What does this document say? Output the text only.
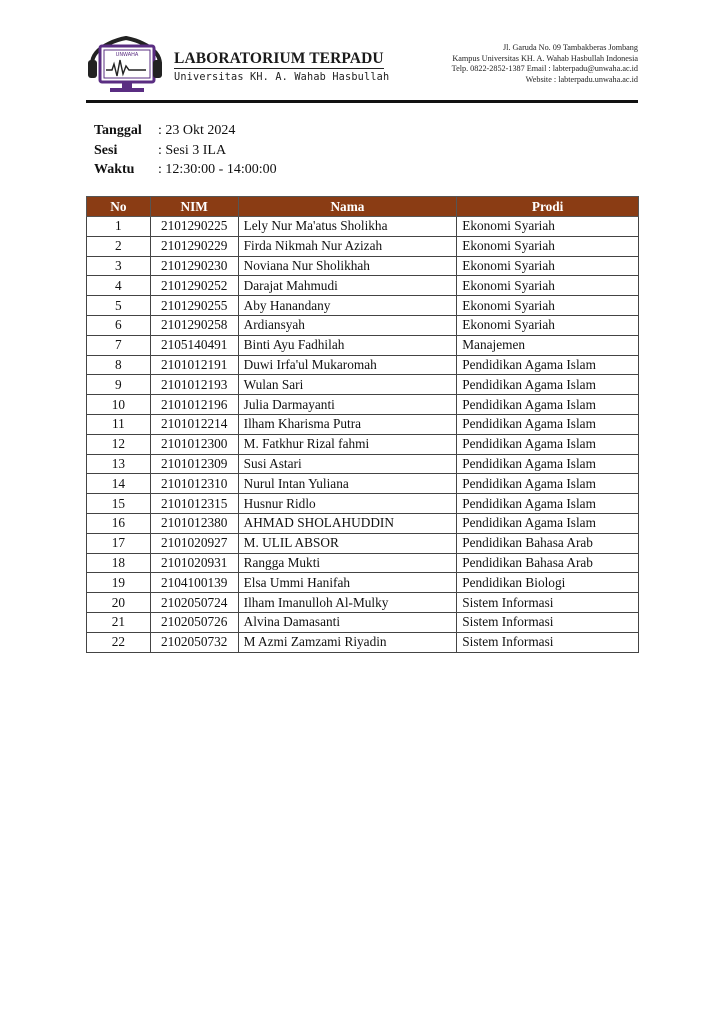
UNWAHA LABORATORIUM TERPADU
Universitas KH. A. Wahab Hasbullah
Jl. Garuda No. 09 Tambakberas Jombang
Kampus Universitas KH. A. Wahab Hasbullah Indonesia
Telp. 0822-2852-1387 Email : labterpadu@unwaha.ac.id
Website : labterpadu.unwaha.ac.id
Tanggal	: 23 Okt 2024
Sesi	: Sesi 3 ILA
Waktu	: 12:30:00 - 14:00:00
No	NIM	Nama	Prodi
1	2101290225	Lely Nur Ma'atus Sholikha	Ekonomi Syariah
2	2101290229	Firda Nikmah Nur Azizah	Ekonomi Syariah
3	2101290230	Noviana Nur Sholikhah	Ekonomi Syariah
4	2101290252	Darajat Mahmudi	Ekonomi Syariah
5	2101290255	Aby Hanandany	Ekonomi Syariah
6	2101290258	Ardiansyah	Ekonomi Syariah
7	2105140491	Binti Ayu Fadhilah	Manajemen
8	2101012191	Duwi Irfa'ul Mukaromah	Pendidikan Agama Islam
9	2101012193	Wulan Sari	Pendidikan Agama Islam
10	2101012196	Julia Darmayanti	Pendidikan Agama Islam
11	2101012214	Ilham Kharisma Putra	Pendidikan Agama Islam
12	2101012300	M. Fatkhur Rizal fahmi	Pendidikan Agama Islam
13	2101012309	Susi Astari	Pendidikan Agama Islam
14	2101012310	Nurul Intan Yuliana	Pendidikan Agama Islam
15	2101012315	Husnur Ridlo	Pendidikan Agama Islam
16	2101012380	AHMAD SHOLAHUDDIN	Pendidikan Agama Islam
17	2101020927	M. ULIL ABSOR	Pendidikan Bahasa Arab
18	2101020931	Rangga Mukti	Pendidikan Bahasa Arab
19	2104100139	Elsa Ummi Hanifah	Pendidikan Biologi
20	2102050724	Ilham Imanulloh Al-Mulky	Sistem Informasi
21	2102050726	Alvina Damasanti	Sistem Informasi
22	2102050732	M Azmi Zamzami Riyadin	Sistem Informasi
